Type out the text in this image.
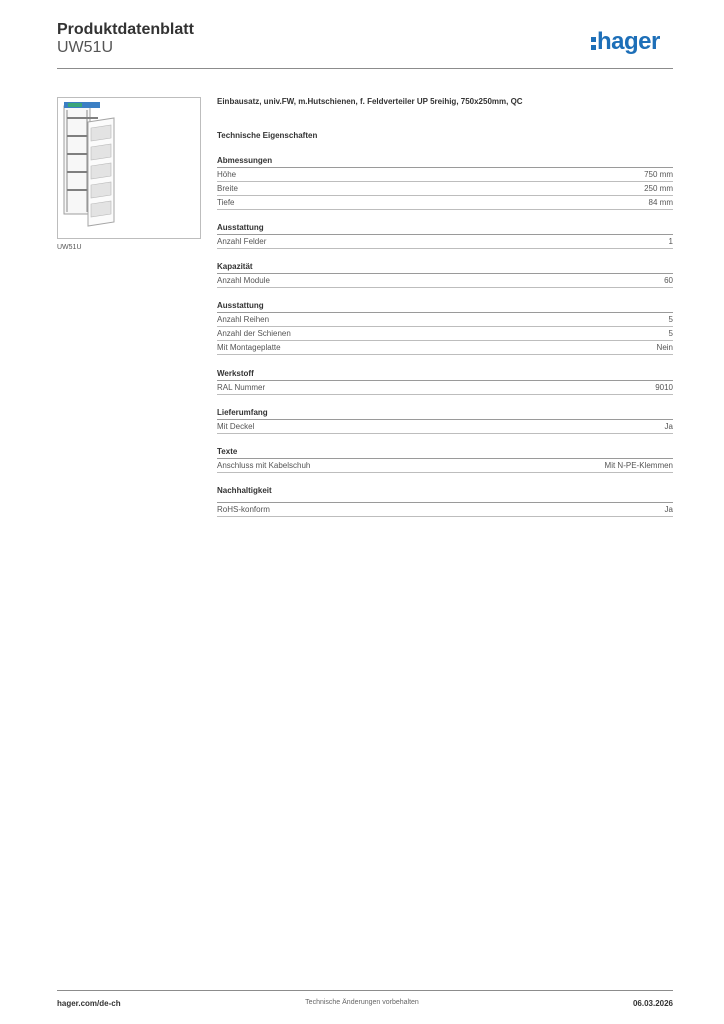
Produktdatenblatt
UW51U	hager
UW51U
Einbausatz, univ.FW, m.Hutschienen, f. Feldverteiler UP 5reihig, 750x250mm, QC
Technische Eigenschaften
Abmessungen
Höhe	750 mm
Breite	250 mm
Tiefe	84 mm
Ausstattung
Anzahl Felder	1
Kapazität
Anzahl Module	60
Ausstattung
Anzahl Reihen	5
Anzahl der Schienen	5
Mit Montageplatte	Nein
Werkstoff
RAL Nummer	9010
Lieferumfang
Mit Deckel	Ja
Texte
Anschluss mit Kabelschuh	Mit N-PE-Klemmen
Nachhaltigkeit
RoHS-konform	Ja
hager.com/de-ch	Technische Änderungen vorbehalten	06.03.2026
